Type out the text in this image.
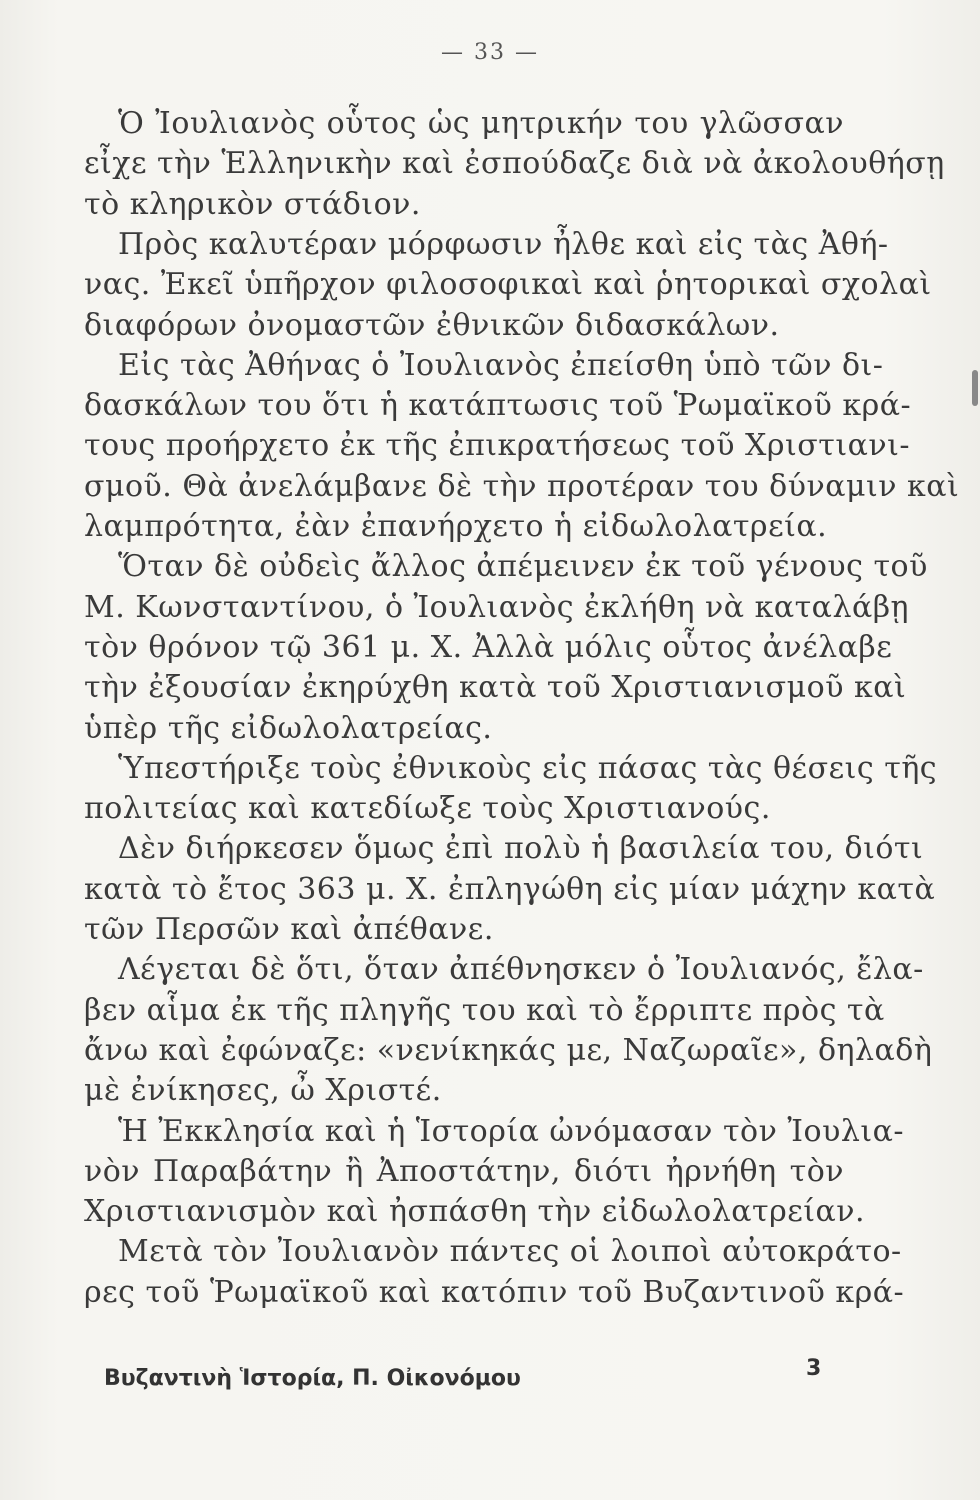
— 33 —
Ὁ Ἰουλιανὸς οὗτος ὡς μητρικήν του γλῶσσαν
εἶχε τὴν Ἑλληνικὴν καὶ ἐσπούδαζε διὰ νὰ ἀκολουθήσῃ
τὸ κληρικὸν στάδιον.
Πρὸς καλυτέραν μόρφωσιν ἦλθε καὶ εἰς τὰς Ἀθή-
νας. Ἐκεῖ ὑπῆρχον φιλοσοφικαὶ καὶ ῥητορικαὶ σχολαὶ
διαφόρων ὀνομαστῶν ἐθνικῶν διδασκάλων.
Εἰς τὰς Ἀθήνας ὁ Ἰουλιανὸς ἐπείσθη ὑπὸ τῶν δι-
δασκάλων του ὅτι ἡ κατάπτωσις τοῦ Ῥωμαϊκοῦ κρά-
τους προήρχετο ἐκ τῆς ἐπικρατήσεως τοῦ Χριστιανι-
σμοῦ. Θὰ ἀνελάμβανε δὲ τὴν προτέραν του δύναμιν καὶ
λαμπρότητα, ἐὰν ἐπανήρχετο ἡ εἰδωλολατρεία.
Ὅταν δὲ οὐδεὶς ἄλλος ἀπέμεινεν ἐκ τοῦ γένους τοῦ
Μ. Κωνσταντίνου, ὁ Ἰουλιανὸς ἐκλήθη νὰ καταλάβῃ
τὸν θρόνον τῷ 361 μ. Χ. Ἀλλὰ μόλις οὗτος ἀνέλαβε
τὴν ἐξουσίαν ἐκηρύχθη κατὰ τοῦ Χριστιανισμοῦ καὶ
ὑπὲρ τῆς εἰδωλολατρείας.
Ὑπεστήριξε τοὺς ἐθνικοὺς εἰς πάσας τὰς θέσεις τῆς
πολιτείας καὶ κατεδίωξε τοὺς Χριστιανούς.
Δὲν διήρκεσεν ὅμως ἐπὶ πολὺ ἡ βασιλεία του, διότι
κατὰ τὸ ἔτος 363 μ. Χ. ἐπληγώθη εἰς μίαν μάχην κατὰ
τῶν Περσῶν καὶ ἀπέθανε.
Λέγεται δὲ ὅτι, ὅταν ἀπέθνησκεν ὁ Ἰουλιανός, ἔλα-
βεν αἷμα ἐκ τῆς πληγῆς του καὶ τὸ ἔρριπτε πρὸς τὰ
ἄνω καὶ ἐφώναζε: «νενίκηκάς με, Ναζωραῖε», δηλαδὴ
μὲ ἐνίκησες, ὦ Χριστέ.
Ἡ Ἐκκλησία καὶ ἡ Ἱστορία ὠνόμασαν τὸν Ἰουλια-
νὸν Παραβάτην ἢ Ἀποστάτην, διότι ἠρνήθη τὸν
Χριστιανισμὸν καὶ ἠσπάσθη τὴν εἰδωλολατρείαν.
Μετὰ τὸν Ἰουλιανὸν πάντες οἱ λοιποὶ αὐτοκράτο-
ρες τοῦ Ῥωμαϊκοῦ καὶ κατόπιν τοῦ Βυζαντινοῦ κρά-
Βυζαντινὴ Ἱστορία, Π. Οἰκονόμου	3
